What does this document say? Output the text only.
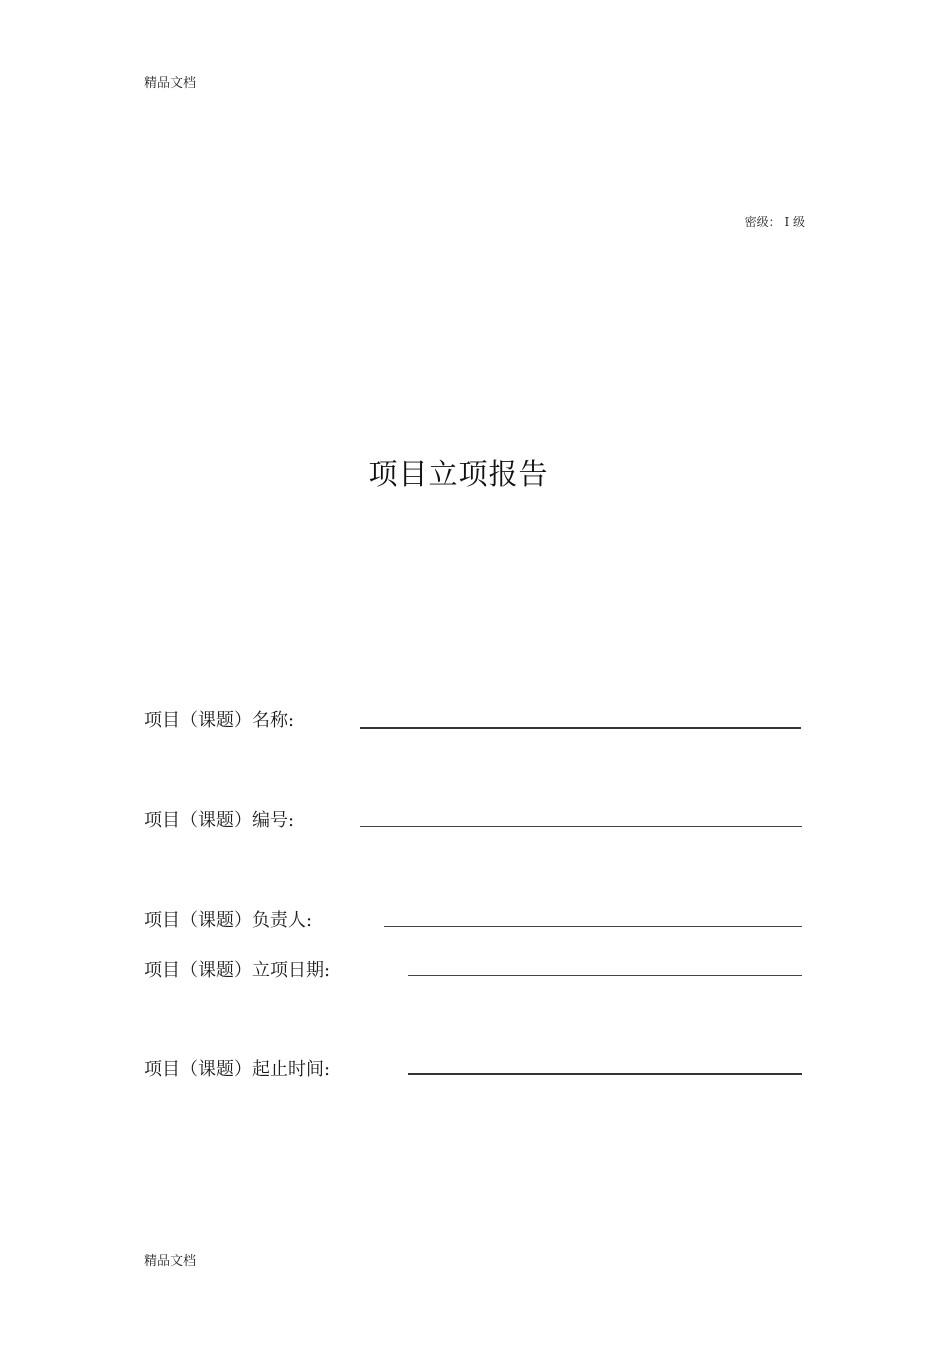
精品文档
密级： I 级
项目立项报告
项目（课题）名称:
项目（课题）编号:
项目（课题）负责人:
项目（课题）立项日期:
项目（课题）起止时间:
精品文档
